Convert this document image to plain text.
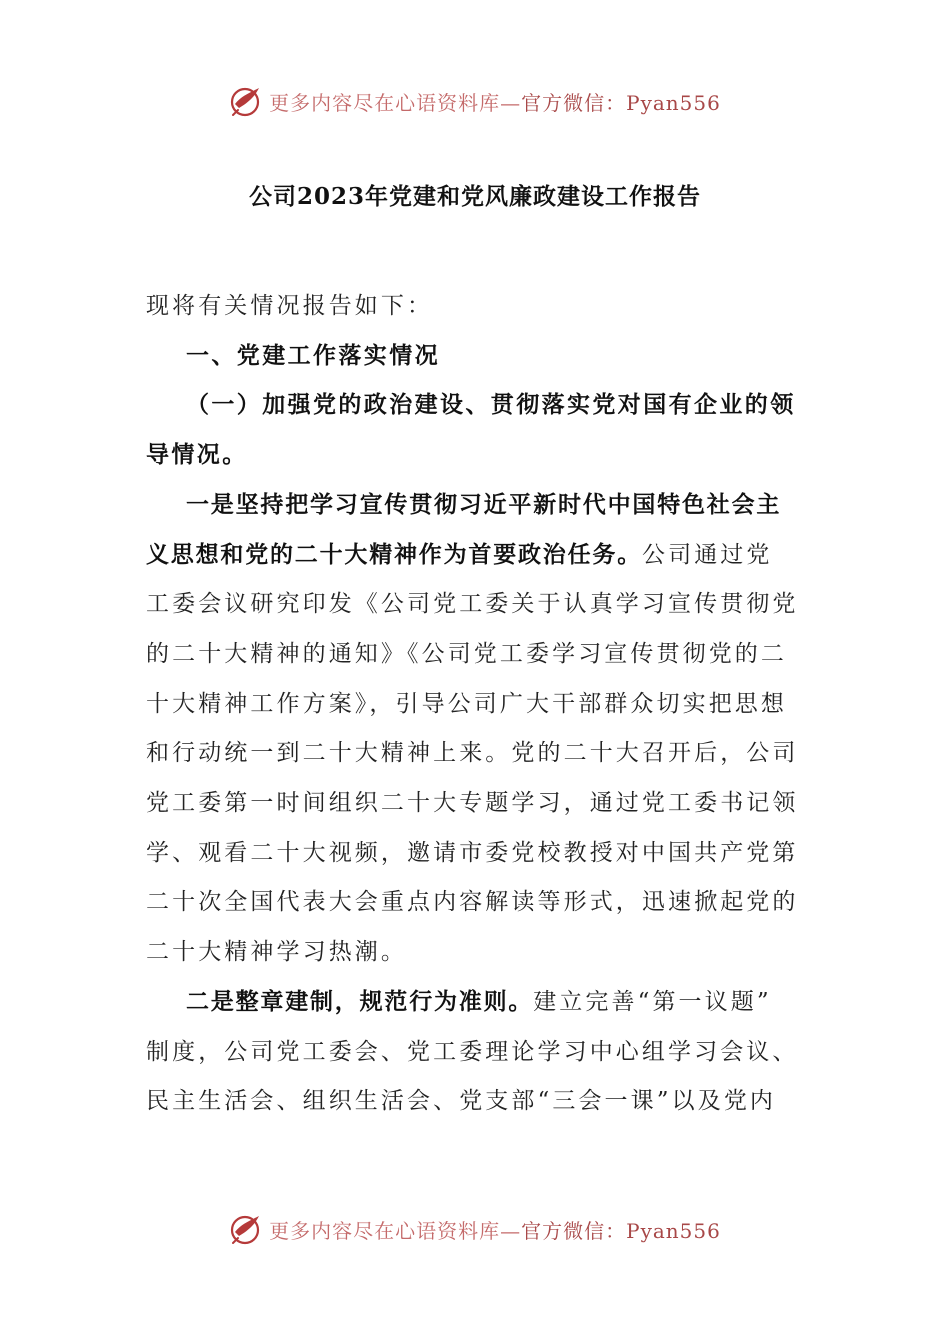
更多内容尽在心语资料库—官方微信：Pyan556
公司2023年党建和党风廉政建设工作报告

现将有关情况报告如下：

一、党建工作落实情况

（一）加强党的政治建设、贯彻落实党对国有企业的领
导情况。

一是坚持把学习宣传贯彻习近平新时代中国特色社会主
义思想和党的二十大精神作为首要政治任务。公司通过党
工委会议研究印发《公司党工委关于认真学习宣传贯彻党
的二十大精神的通知》《公司党工委学习宣传贯彻党的二
十大精神工作方案》，引导公司广大干部群众切实把思想
和行动统一到二十大精神上来。党的二十大召开后，公司
党工委第一时间组织二十大专题学习，通过党工委书记领
学、观看二十大视频，邀请市委党校教授对中国共产党第
二十次全国代表大会重点内容解读等形式，迅速掀起党的
二十大精神学习热潮。

二是整章建制，规范行为准则。建立完善“第一议题”
制度，公司党工委会、党工委理论学习中心组学习会议、
民主生活会、组织生活会、党支部“三会一课”以及党内

更多内容尽在心语资料库—官方微信：Pyan556
